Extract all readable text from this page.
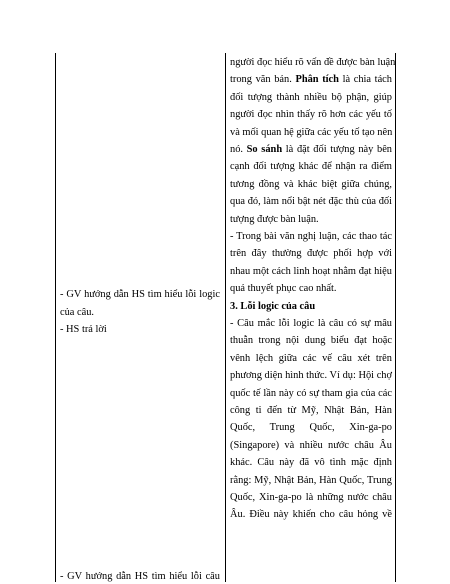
- GV hướng dẫn HS tìm hiểu lỗi logic
của câu.
- HS trả lời
- GV hướng dẫn HS tìm hiểu lỗi câu
người đọc hiểu rõ vấn đề được bàn luận
trong văn bản. Phân tích là chia tách
đối tượng thành nhiều bộ phận, giúp
người đọc nhìn thấy rõ hơn các yếu tố
và mối quan hệ giữa các yếu tố tạo nên
nó. So sánh là đặt đối tượng này bên
cạnh đối tượng khác để nhận ra điểm
tương đồng và khác biệt giữa chúng,
qua đó, làm nổi bật nét đặc thù của đối
tượng được bàn luận.
- Trong bài văn nghị luận, các thao tác
trên đây thường được phối hợp với
nhau một cách linh hoạt nhằm đạt hiệu
quả thuyết phục cao nhất.
3. Lỗi logic của câu
- Câu mắc lỗi logic là câu có sự mâu
thuẫn trong nội dung biểu đạt hoặc
vênh lệch giữa các vế câu xét trên
phương diện hình thức. Ví dụ: Hội chợ
quốc tế lần này có sự tham gia của các
công ti đến từ Mỹ, Nhật Bản, Hàn
Quốc, Trung Quốc, Xin-ga-po
(Singapore) và nhiều nước châu Âu
khác. Câu này đã vô tình mặc định
rằng: Mỹ, Nhật Bản, Hàn Quốc, Trung
Quốc, Xin-ga-po là những nước châu
Âu. Điều này khiến cho câu hỏng về
